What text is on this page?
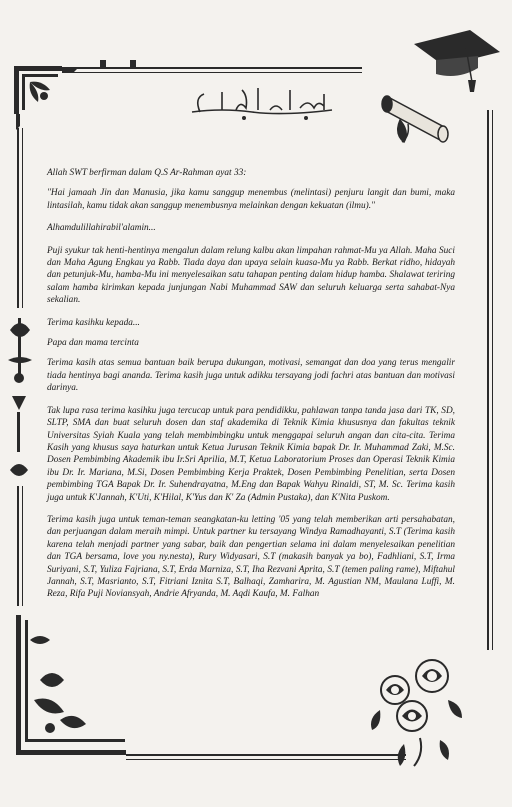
Allah SWT berfirman dalam Q.S Ar-Rahman ayat 33:

"Hai jamaah Jin dan Manusia, jika kamu sanggup menembus (melintasi) penjuru langit dan bumi, maka lintasilah, kamu tidak akan sanggup menembusnya melainkan dengan kekuatan (ilmu)."

Alhamdulillahirabil'alamin...

Puji syukur tak henti-hentinya mengalun dalam relung kalbu akan limpahan rahmat-Mu ya Allah. Maha Suci dan Maha Agung Engkau ya Rabb. Tiada daya dan upaya selain kuasa-Mu ya Rabb. Berkat ridho, hidayah dan petunjuk-Mu, hamba-Mu ini menyelesaikan satu tahapan penting dalam hidup hamba. Shalawat teriring salam hamba kirimkan kepada junjungan Nabi Muhammad SAW dan seluruh keluarga serta sahabat-Nya sekalian.

Terima kasihku kepada...

Papa dan mama tercinta

Terima kasih atas semua bantuan baik berupa dukungan, motivasi, semangat dan doa yang terus mengalir tiada hentinya bagi ananda. Terima kasih juga untuk adikku tersayang jodi fachri atas bantuan dan motivasi darinya.

Tak lupa rasa terima kasihku juga tercucap untuk para pendidikku, pahlawan tanpa tanda jasa dari TK, SD, SLTP, SMA dan buat seluruh dosen dan staf akademika di Teknik Kimia khususnya dan fakultas teknik Universitas Syiah Kuala yang telah membimbingku untuk menggapai seluruh angan dan cita-cita. Terima Kasih yang khusus saya haturkan untuk Ketua Jurusan Teknik Kimia bapak Dr. Ir. Muhammad Zaki, M.Sc. Dosen Pembimbing Akademik ibu Ir.Sri Aprilia, M.T, Ketua Laboratorium Proses dan Operasi Teknik Kimia ibu Dr. Ir. Mariana, M.Si, Dosen Pembimbing Kerja Praktek, Dosen Pembimbing Penelitian, serta Dosen pembimbing TGA Bapak Dr. Ir. Suhendrayatna, M.Eng dan Bapak Wahyu Rinaldi, ST, M. Sc. Terima kasih juga untuk K'Jannah, K'Uti, K'Hilal, K'Yus dan K' Za (Admin Pustaka), dan K'Nita Puskom.

Terima kasih juga untuk teman-teman seangkatan-ku letting '05 yang telah memberikan arti persahabatan, dan perjuangan dalam meraih mimpi. Untuk partner ku tersayang Windya Ramadhayanti, S.T (Terima kasih karena telah menjadi partner yang sabar, baik dan pengertian selama ini dalam menyelesaikan penelitian dan TGA bersama, love you ny.nesta), Rury Widyasari, S.T (makasih banyak ya bo), Fadhliani, S.T, Irma Suriyani, S.T, Yuliza Fajriana, S.T, Erda Marniza, S.T, Iha Rezvani Aprita, S.T (temen paling rame), Miftahul Jannah, S.T, Masrianto, S.T, Fitriani Iznita S.T, Balhaqi, Zamharira, M. Agustian NM, Maulana Luffi, M. Reza, Rifa Puji Noviansyah, Andrie Afryanda, M. Aqdi Kaufa, M. Falhan
